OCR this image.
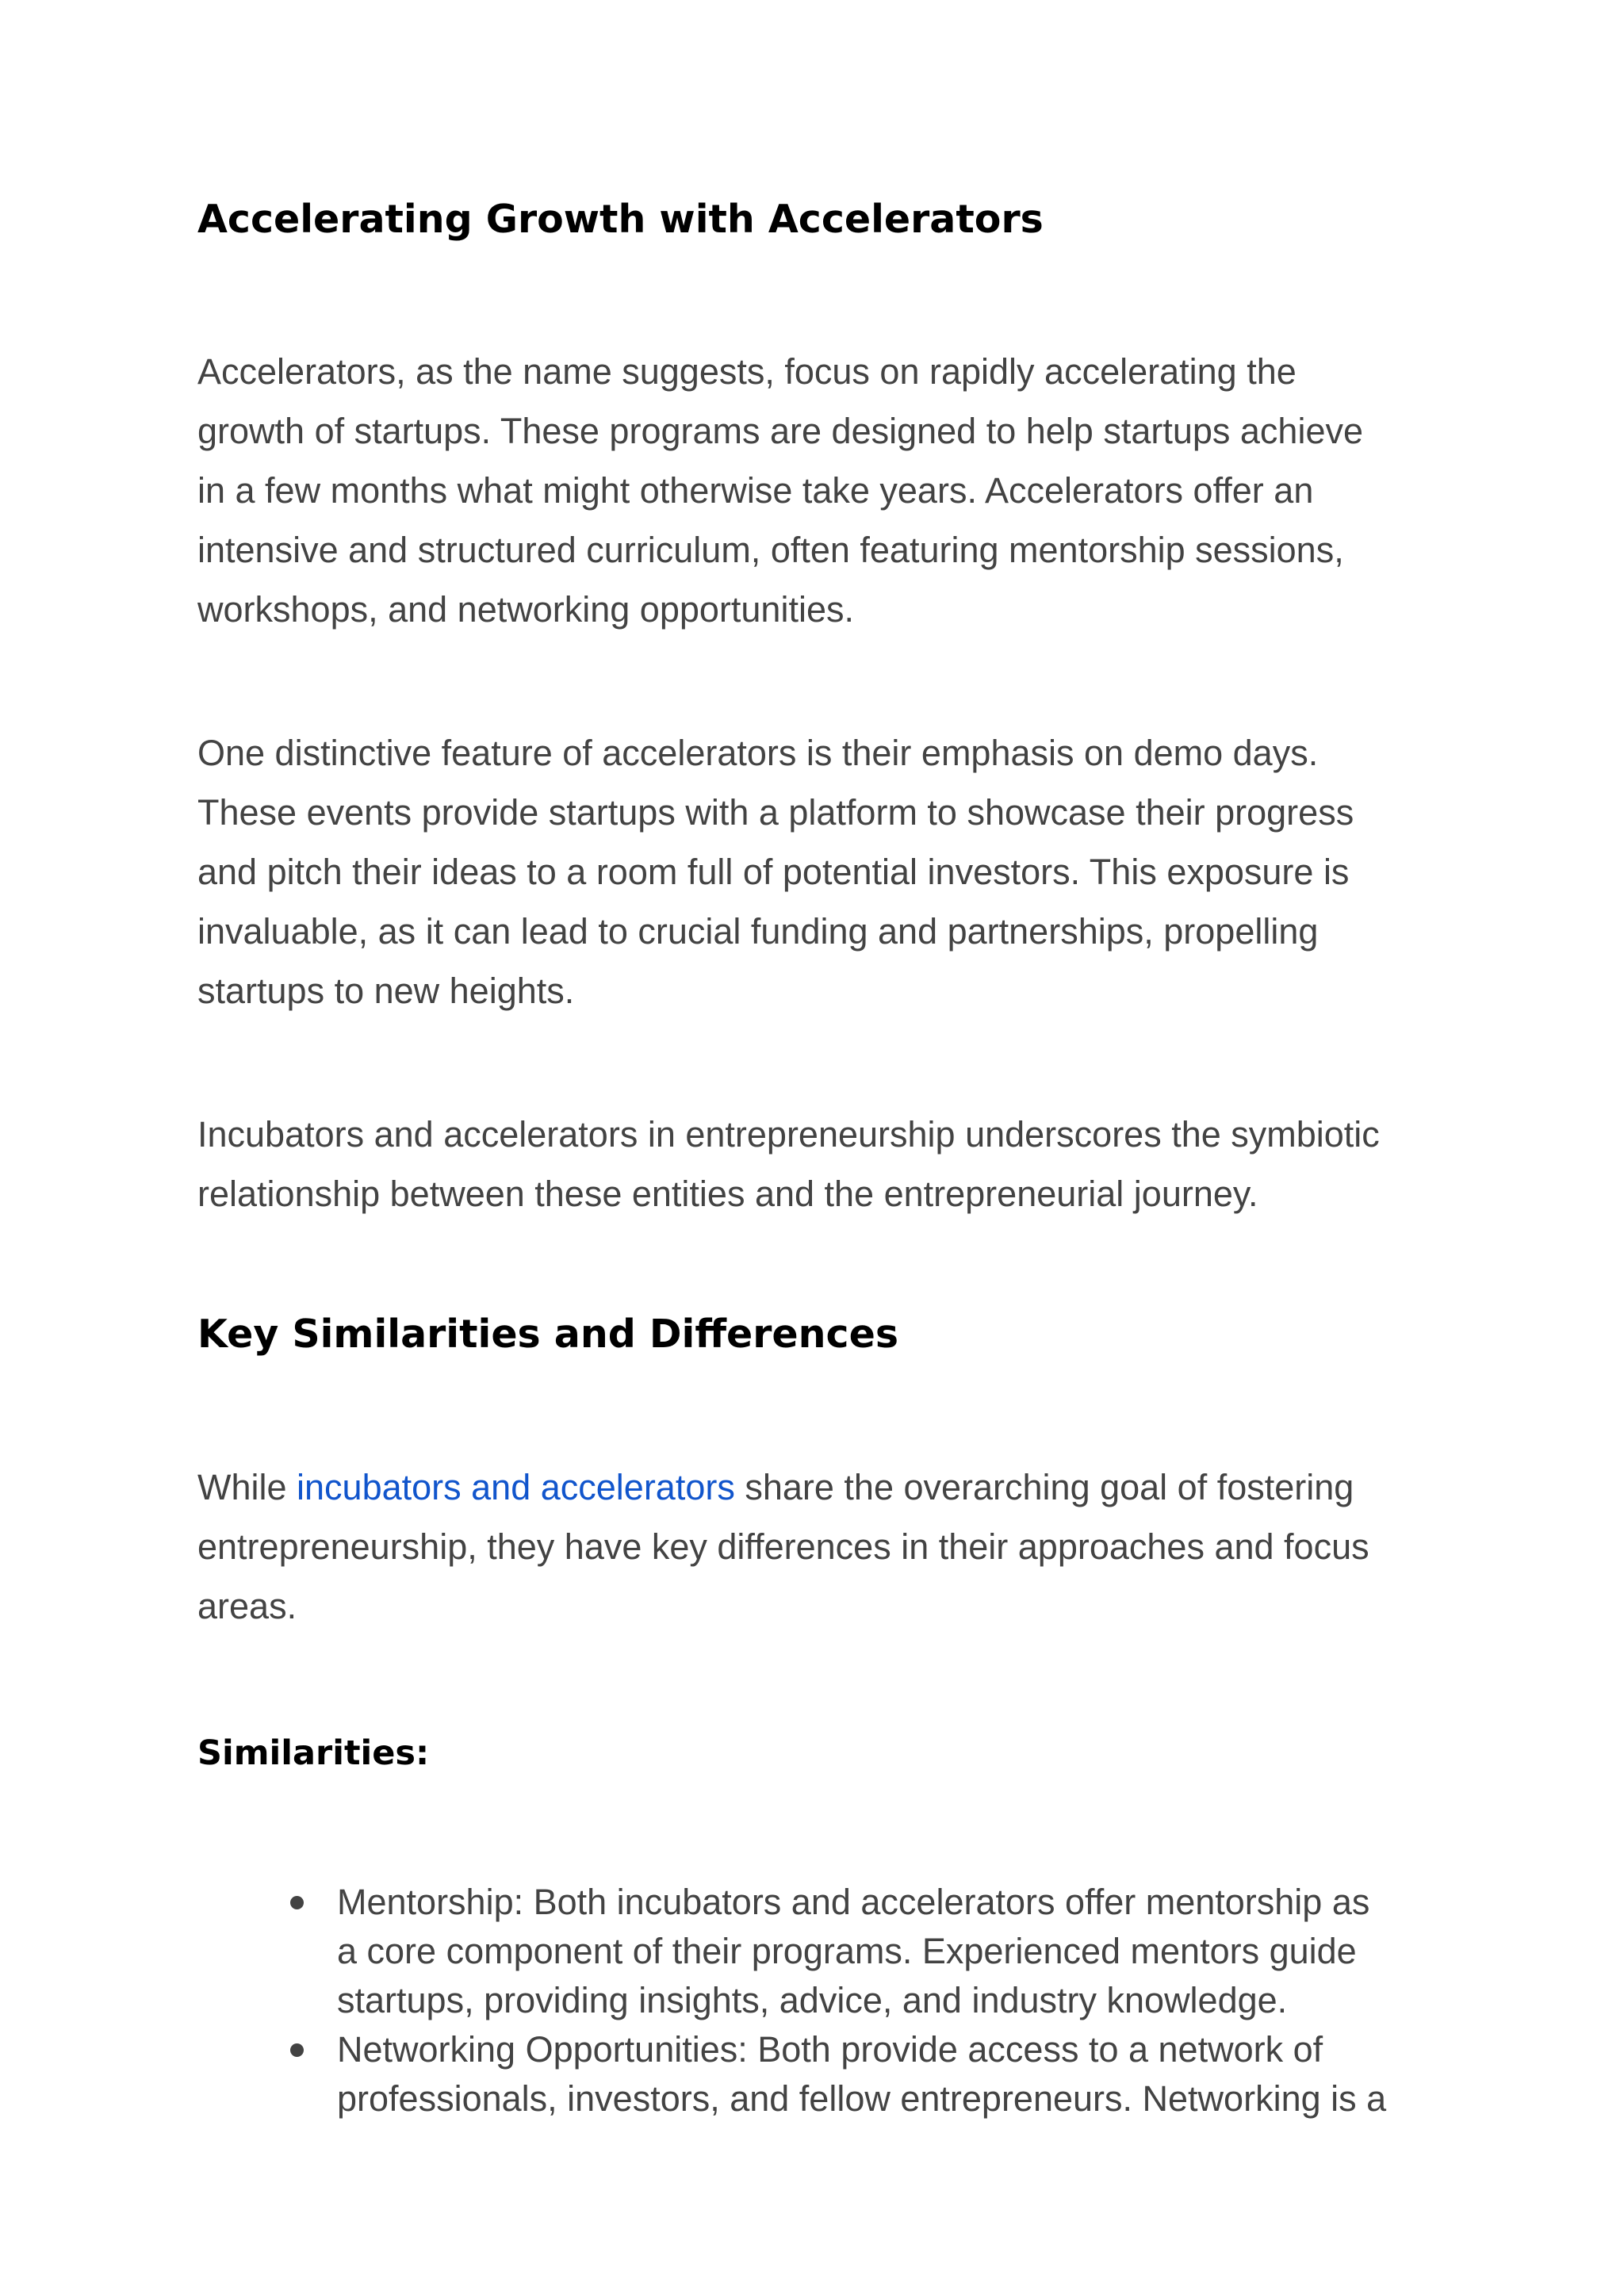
Accelerating Growth with Accelerators

Accelerators, as the name suggests, focus on rapidly accelerating the
growth of startups. These programs are designed to help startups achieve
in a few months what might otherwise take years. Accelerators offer an
intensive and structured curriculum, often featuring mentorship sessions,
workshops, and networking opportunities.

One distinctive feature of accelerators is their emphasis on demo days.
These events provide startups with a platform to showcase their progress
and pitch their ideas to a room full of potential investors. This exposure is
invaluable, as it can lead to crucial funding and partnerships, propelling
startups to new heights.

Incubators and accelerators in entrepreneurship underscores the symbiotic
relationship between these entities and the entrepreneurial journey.

Key Similarities and Differences

While incubators and accelerators share the overarching goal of fostering
entrepreneurship, they have key differences in their approaches and focus
areas.

Similarities:
Mentorship: Both incubators and accelerators offer mentorship as
a core component of their programs. Experienced mentors guide
startups, providing insights, advice, and industry knowledge.
Networking Opportunities: Both provide access to a network of
professionals, investors, and fellow entrepreneurs. Networking is a
